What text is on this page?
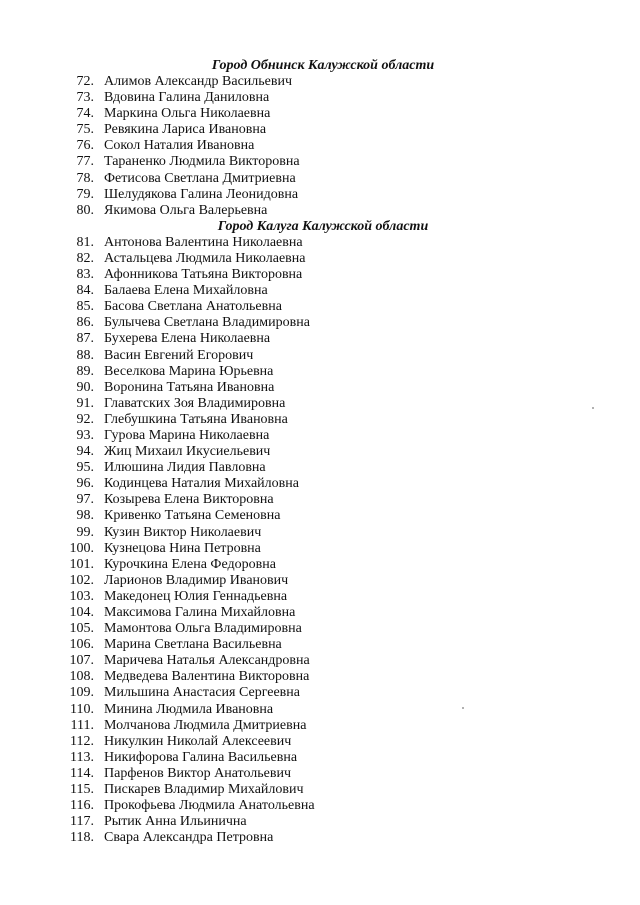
Город Обнинск Калужской области
72. Алимов Александр Васильевич
73. Вдовина Галина Даниловна
74. Маркина Ольга Николаевна
75. Ревякина Лариса Ивановна
76. Сокол Наталия Ивановна
77. Тараненко Людмила Викторовна
78. Фетисова Светлана Дмитриевна
79. Шелудякова Галина Леонидовна
80. Якимова Ольга Валерьевна
Город Калуга Калужской области
81. Антонова Валентина Николаевна
82. Астальцева Людмила Николаевна
83. Афонникова Татьяна Викторовна
84. Балаева Елена Михайловна
85. Басова Светлана Анатольевна
86. Булычева Светлана Владимировна
87. Бухерева Елена Николаевна
88. Васин Евгений Егорович
89. Веселкова Марина Юрьевна
90. Воронина Татьяна Ивановна
91. Главатских Зоя Владимировна
92. Глебушкина Татьяна Ивановна
93. Гурова Марина Николаевна
94. Жиц Михаил Икусиельевич
95. Илюшина Лидия Павловна
96. Кодинцева Наталия Михайловна
97. Козырева Елена Викторовна
98. Кривенко Татьяна Семеновна
99. Кузин Виктор Николаевич
100. Кузнецова Нина Петровна
101. Курочкина Елена Федоровна
102. Ларионов Владимир Иванович
103. Македонец Юлия Геннадьевна
104. Максимова Галина Михайловна
105. Мамонтова Ольга Владимировна
106. Марина Светлана Васильевна
107. Маричева Наталья Александровна
108. Медведева Валентина Викторовна
109. Мильшина Анастасия Сергеевна
110. Минина Людмила Ивановна
111. Молчанова Людмила Дмитриевна
112. Никулкин Николай Алексеевич
113. Никифорова Галина Васильевна
114. Парфенов Виктор Анатольевич
115. Пискарев Владимир Михайлович
116. Прокофьева Людмила Анатольевна
117. Рытик Анна Ильинична
118. Свара Александра Петровна
